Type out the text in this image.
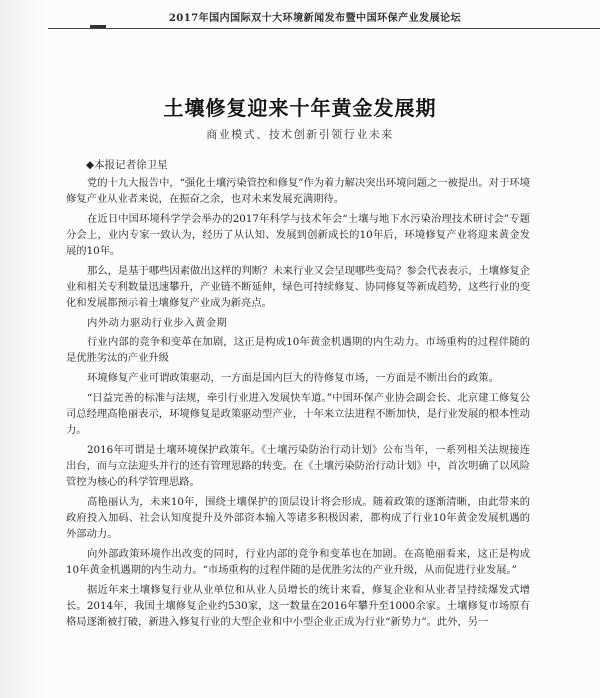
2017年国内国际双十大环境新闻发布暨中国环保产业发展论坛
土壤修复迎来十年黄金发展期
商业模式、技术创新引领行业未来
◆本报记者徐卫星

党的十九大报告中，“强化土壤污染管控和修复”作为着力解决突出环境问题之一被提出。对于环境修复产业从业者来说，在振奋之余，也对未来发展充满期待。

在近日中国环境科学学会举办的2017年科学与技术年会“土壤与地下水污染治理技术研讨会”专题分会上，业内专家一致认为，经历了从认知、发展到创新成长的10年后，环境修复产业将迎来黄金发展的10年。

那么，是基于哪些因素做出这样的判断？未来行业又会呈现哪些变局？参会代表表示，土壤修复企业和相关专利数量迅速攀升，产业链不断延伸，绿色可持续修复、协同修复等新成趋势，这些行业的变化和发展都预示着土壤修复产业成为新亮点。

内外动力驱动行业步入黄金期

行业内部的竞争和变革在加剧，这正是构成10年黄金机遇期的内生动力。市场重构的过程伴随的是优胜劣汰的产业升级

环境修复产业可谓政策驱动，一方面是国内巨大的待修复市场，一方面是不断出台的政策。

“日益完善的标准与法规，牵引行业进入发展快车道。”中国环保产业协会副会长、北京建工修复公司总经理高艳丽表示，环境修复是政策驱动型产业，十年来立法进程不断加快，是行业发展的根本性动力。

2016年可谓是土壤环境保护政策年。《土壤污染防治行动计划》公布当年，一系列相关法规接连出台，而与立法迎头并行的还有管理思路的转变。在《土壤污染防治行动计划》中，首次明确了以风险管控为核心的科学管理思路。

高艳丽认为，未来10年，围绕土壤保护的顶层设计将会形成。随着政策的逐渐清晰，由此带来的政府投入加码、社会认知度提升及外部资本输入等诸多积极因素，都构成了行业10年黄金发展机遇的外部动力。

向外部政策环境作出改变的同时，行业内部的竞争和变革也在加剧。在高艳丽看来，这正是构成10年黄金机遇期的内生动力。“市场重构的过程伴随的是优胜劣汰的产业升级，从而促进行业发展。”

据近年来土壤修复行业从业单位和从业人员增长的统计来看，修复企业和从业者呈持续爆发式增长。2014年，我国土壤修复企业约530家，这一数量在2016年攀升至1000余家。土壤修复市场原有格局逐渐被打破，新进入修复行业的大型企业和中小型企业正成为行业“新势力”。此外，另一
